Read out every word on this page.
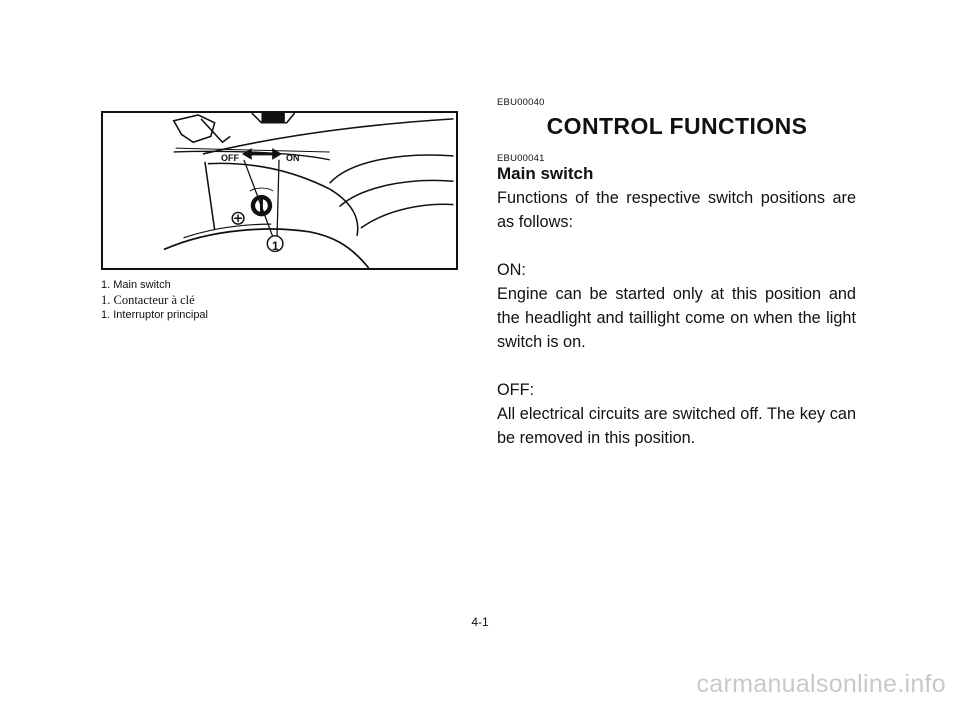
OFF	ON
1
1. Main switch
1. Contacteur à clé
1. Interruptor principal
EBU00040
CONTROL FUNCTIONS
EBU00041
Main switch

Functions of the respective switch positions are as follows:

ON:

Engine can be started only at this position and the headlight and taillight come on when the light switch is on.

OFF:

All electrical circuits are switched off. The key can be removed in this position.

4-1
carmanualsonline.info
